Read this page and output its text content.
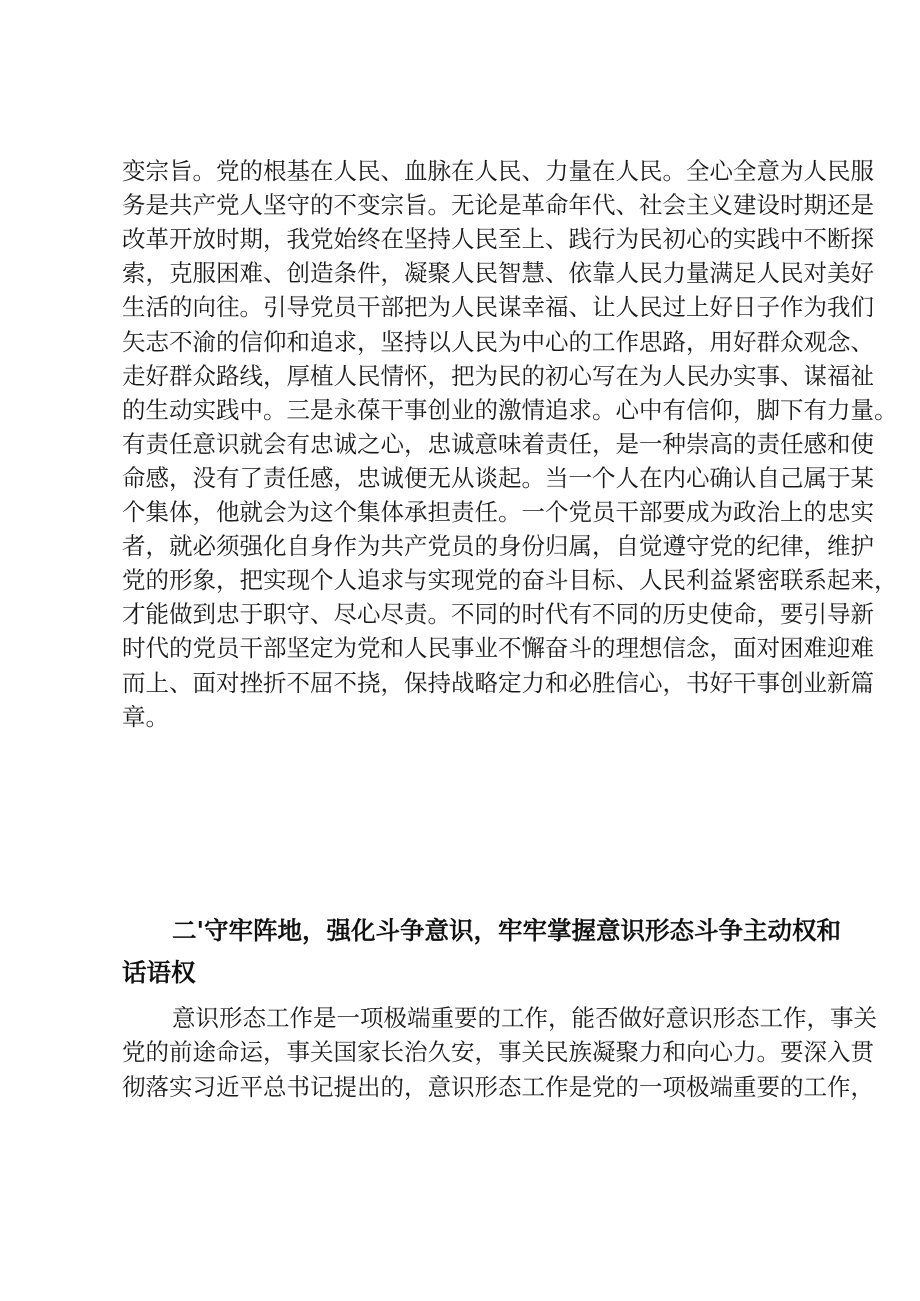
变宗旨。党的根基在人民、血脉在人民、力量在人民。全心全意为人民服
务是共产党人坚守的不变宗旨。无论是革命年代、社会主义建设时期还是
改革开放时期，我党始终在坚持人民至上、践行为民初心的实践中不断探
索，克服困难、创造条件，凝聚人民智慧、依靠人民力量满足人民对美好
生活的向往。引导党员干部把为人民谋幸福、让人民过上好日子作为我们
矢志不渝的信仰和追求，坚持以人民为中心的工作思路，用好群众观念、
走好群众路线，厚植人民情怀，把为民的初心写在为人民办实事、谋福祉
的生动实践中。三是永葆干事创业的激情追求。心中有信仰，脚下有力量。
有责任意识就会有忠诚之心，忠诚意味着责任，是一种崇高的责任感和使
命感，没有了责任感，忠诚便无从谈起。当一个人在内心确认自己属于某
个集体，他就会为这个集体承担责任。一个党员干部要成为政治上的忠实
者，就必须强化自身作为共产党员的身份归属，自觉遵守党的纪律，维护
党的形象，把实现个人追求与实现党的奋斗目标、人民利益紧密联系起来，
才能做到忠于职守、尽心尽责。不同的时代有不同的历史使命，要引导新
时代的党员干部坚定为党和人民事业不懈奋斗的理想信念，面对困难迎难
而上、面对挫折不屈不挠，保持战略定力和必胜信心，书好干事创业新篇
章。
二'守牢阵地，强化斗争意识，牢牢掌握意识形态斗争主动权和
话语权
意识形态工作是一项极端重要的工作，能否做好意识形态工作，事关
党的前途命运，事关国家长治久安，事关民族凝聚力和向心力。要深入贯
彻落实习近平总书记提出的，意识形态工作是党的一项极端重要的工作，
